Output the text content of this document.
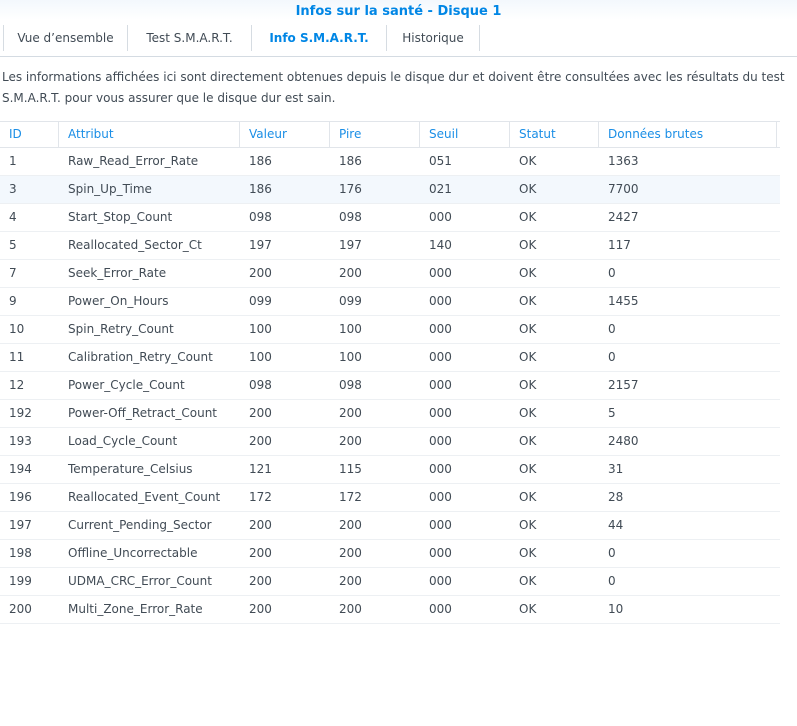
Infos sur la santé - Disque 1
Vue d’ensemble	Test S.M.A.R.T.	Info S.M.A.R.T.	Historique
Les informations affichées ici sont directement obtenues depuis le disque dur et doivent être consultées avec les résultats du test S.M.A.R.T. pour vous assurer que le disque dur est sain.
ID	Attribut	Valeur	Pire	Seuil	Statut	Données brutes
1	Raw_Read_Error_Rate	186	186	051	OK	1363
3	Spin_Up_Time	186	176	021	OK	7700
4	Start_Stop_Count	098	098	000	OK	2427
5	Reallocated_Sector_Ct	197	197	140	OK	117
7	Seek_Error_Rate	200	200	000	OK	0
9	Power_On_Hours	099	099	000	OK	1455
10	Spin_Retry_Count	100	100	000	OK	0
11	Calibration_Retry_Count	100	100	000	OK	0
12	Power_Cycle_Count	098	098	000	OK	2157
192	Power-Off_Retract_Count	200	200	000	OK	5
193	Load_Cycle_Count	200	200	000	OK	2480
194	Temperature_Celsius	121	115	000	OK	31
196	Reallocated_Event_Count	172	172	000	OK	28
197	Current_Pending_Sector	200	200	000	OK	44
198	Offline_Uncorrectable	200	200	000	OK	0
199	UDMA_CRC_Error_Count	200	200	000	OK	0
200	Multi_Zone_Error_Rate	200	200	000	OK	10
